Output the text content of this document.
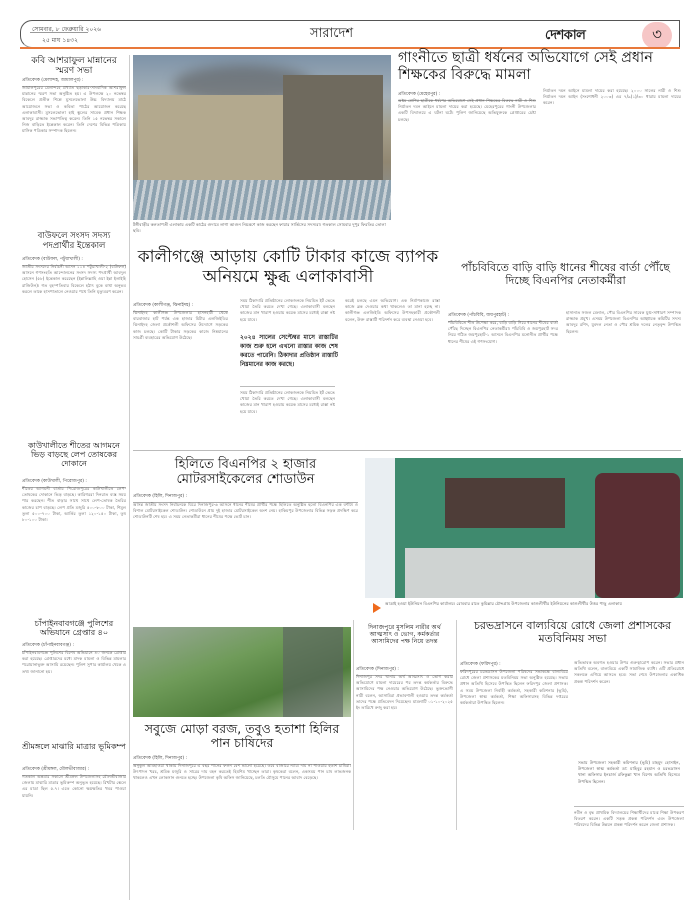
সোমবার, ৮ ফেব্রুয়ারি ২০২৬
২৫ মাঘ ১৪৩২	সারাদেশ	দেশকাল	৩
কবি আশরাফুল মান্নানের স্মরণ সভা
প্রতিবেদক (মেলান্দহ, জামালপুর) :
জামালপুরের মেলান্দহে প্রখ্যাত ছড়াকার-সাংবাদিক আশরাফুল মান্নানের স্মরণ সভা অনুষ্ঠিত হয়। এ উপলক্ষে ২০ নভেম্বর বিকেলে প্রতীক শিল্পে মুসলেভোলা উচ্চ বিদ্যালয় মাঠে আয়োজনে সভা ও কবিতা পাঠের আয়োজন করেছে এলাকাবাসী। মুসলেভোলা হাই স্কুলের সাবেক প্রধান শিক্ষক আবদুর রাজ্জাক সভাপতিত্ব করেন। তিনি ১৫ নভেম্বর সকালে নিজ বাড়িতে ইন্তেকাল করেন। তিনি দেশের বিভিন্ন পত্রিকায় মাসিক পত্রিকার সম্পাদক ছিলেন।
টঙ্গীবাড়ীর কলতাপতী এলাকায় একটি কাঠের গুদামে লাগা আগুন নিয়ন্ত্রণে কাজ করছেন ফায়ার সার্ভিসের সদস্যরা। গতকাল সোমবার দুপুর ফিরতির তোলা ছবি।
গাংনীতে ছাত্রী ধর্ষনের অভিযোগে সেই প্রধান শিক্ষকের বিরুদ্ধে মামলা
প্রতিবেদক (মেহেরপুর) :
অষ্টম শ্রেণির ছাত্রীকে ধর্ষণের অভিযোগে সেই প্রধান শিক্ষকের বিরুদ্ধে নারী ও শিশু নির্যাতন দমন আইনে মামলা দায়ের করা হয়েছে। মেহেরপুরের গাংনী উপজেলার একটি বিদ্যালয়ে এ ঘটনা ঘটে। পুলিশ জানিয়েছে অভিযুক্তকে গ্রেপ্তারের চেষ্টা চলছে।
নির্যাতন দমন আইনে মামলা দায়ের করা হয়েছে। ২০০০ সালের নারী ও শিশু নির্যাতন দমন আইন (সংশোধনী ২০০৩) এর ৭/৯(১)/৩০ ধারায় মামলা দায়ের করেন।
বাউফলে সংসদ সদস্য পদপ্রার্থীর ইন্তেকাল
প্রতিবেদক (বাউফল, পটুয়াখালী) :
জাতীয় সংসদের নির্বাচনী আসন ১১৪ পটুয়াখালী-২ (বাউফল) আসনে গণসংহতি আন্দোলনের সংসদ সদস্য পদপ্রার্থী আবদুল হোসেন (৫৮) ইন্তেকাল করেছেন (ইন্নালিল্লাহি ওয়া ইন্না ইলাইহি রাজিউন)। গত বৃহস্পতিবার বিকেলে হঠাৎ বুকে ব্যথা অনুভব করলে তাকে হাসপাতালে নেওয়ার পথে তিনি মৃত্যুবরণ করেন।
কালীগঞ্জে আড়ায় কোটি টাকার কাজে ব্যাপক অনিয়মে ক্ষুব্ধ এলাকাবাসী
প্রতিবেদক (কালীগঞ্জ, ঝিনাইদহ) :
ঝিনাইদহ কালীগঞ্জ উপজেলার হাসনহাটী থেকে বারবাজার হাট পর্যন্ত এক হাজার মিটার এলজিইডির ঝিনাইদহ জেলা প্রকৌশলী অফিসের উদ্যোগে সড়কের কাজ চলছে। কোটি টাকার সড়কের কাজে নিম্নমানের সামগ্রী ব্যবহারের অভিযোগ উঠেছে।
সময় ঠিকাদারি প্রতিষ্ঠানের লোকজনকে নিয়মিত ইট ভেঙে খোয়া তৈরি করতে দেখা গেছে। এলাকাবাসী বলছেন কাজের মান খারাপ হওয়ায় কয়েক মাসের মধ্যেই রাস্তা নষ্ট হয়ে যাবে।
২০২৪ সালের সেপ্টেম্বর মাসে রাস্তাটির কাজ শুরু হলে এখনো রাস্তার কাজ শেষ করতে পারেনি। ঠিকাদার প্রতিষ্ঠান রাস্তাটি নিম্নমানের কাজ করছে।
সময় ঠিকাদারি প্রতিষ্ঠানের লোকজনকে নিয়মিত ইট ভেঙে খোয়া তৈরি করতে দেখা গেছে। এলাকাবাসী বলছেন কাজের মান খারাপ হওয়ায় কয়েক মাসের মধ্যেই রাস্তা নষ্ট হয়ে যাবে।
করেই চলছে এমন অভিযোগ। এক নির্মাণকাজে রাস্তা কাজে ব্লক দেওয়ার কথা থাকলেও তা মানা হচ্ছে না। কালীগঞ্জ এলজিইডি অফিসের উপসহকারী প্রকৌশলী বলেন, উক্ত রাস্তাটি পরিদর্শন করে ব্যবস্থা নেওয়া হবে।
পাঁচবিবিতে বাড়ি বাড়ি ধানের শীষের বার্তা পৌঁছে দিচ্ছে বিএনপির নেতাকর্মীরা
প্রতিবেদক (পাঁচবিবি, জয়পুরহাট) :
পাঁচবিবিতে শীত উপেক্ষা করে, বাড়ি বাড়ি গিয়ে ধানের শীষের বার্তা পৌঁছে দিচ্ছেন বিএনপির নেতাকর্মীরা। পাঁচবিবি ও জয়পুরহাট সদর নিয়ে গঠিত জয়পুরহাট-১ আসনে বিএনপির মনোনীত প্রার্থীর পক্ষে ধানের শীষের এই গণসংযোগ।
হাসানাত সজল মেলাল, পৌর বিএনপির সাবেক যুগ্ম-সাধারণ সম্পাদক রাজ্জাক প্রমুখ। এসময় উপজেলা বিএনপির আহ্বায়ক কমিটির সদস্য আবদুর রশিদ, যুবদল নেতা ও পৌর শ্রমিক দলের নেতৃবৃন্দ উপস্থিত ছিলেন।
কাউখালীতে শীতের আগমনে ভিড় বাড়ছে লেপ তোষকের দোকানে
প্রতিবেদক (কাউখালী, পিরোজপুর) :
শীতের আগমনী বার্তায় পিরোজপুরের কাউখালীতে লেপ-তোষকের দোকানে ভিড় বাড়ছে। কারিগররা দিনরাত ব্যস্ত সময় পার করছেন। শীত বাড়ার সাথে সাথে লেপ-তোষক তৈরির কাজের চাপ বাড়ছে। লেপ প্রতি মজুরি ৫০০-৮০০ টাকা, শিমুল তুলা ৫০০-৭০০ টাকা, আর্তির তুলা ১২০-১৫০ টাকা, তুষ ৮০-১০০ টাকা।
হিলিতে বিএনপির ২ হাজার মোটরসাইকেলের শোডাউন
প্রতিবেদক (হিলি, দিনাজপুর) :
আসন্ন জাতীয় সংসদ নির্বাচনকে ঘিরে দিনাজপুর-৬ আসনে ধানের শীষের প্রার্থীর পক্ষে হিলিতে অনুষ্ঠিত হলো বিএনপির এক বর্ণাঢ্য ও বিশাল মোটরসাইকেল শোডাউন। শোডাউনে প্রায় দুই হাজার মোটরসাইকেল অংশ নেয়। হাকিমপুর উপজেলার বিভিন্ন সড়ক প্রদক্ষিণ করে শোডাউনটি শেষ হয়। এ সময় নেতাকর্মীরা ধানের শীষের পক্ষে ভোট চান।
আত্রাই হওয়া ইউনিয়ন বিএনপির কার্যালয়। রোববার রাতে কুমিল্লার চৌদ্দগ্রাম উপজেলার কাশুলীর্থীর ইউনিয়নের কাশুলীর্থীর উত্তর পাড়ু এলাকায়
চাঁপাইনবাবগঞ্জে পুলিশের অভিযানে গ্রেপ্তার ৪০
প্রতিবেদক (চাঁপাইনবাবগঞ্জ) :
চাঁপাইনবাবগঞ্জে পুলিশের বিশেষ অভিযানে ৪০ জনকে গ্রেপ্তার করা হয়েছে। গ্রেপ্তারদের মধ্যে মাদক মামলা ও বিভিন্ন মামলার পরোয়ানাভুক্ত আসামি রয়েছেন। পুলিশ সুপার কার্যালয় থেকে এ তথ্য জানানো হয়।
শ্রীমঙ্গলে মাঝারি মাত্রার ভূমিকম্প
প্রতিবেদক (শ্রীমঙ্গল, মৌলভীবাজার) :
গতকাল অন্তবার সকালে শ্রীমঙ্গল উপজেলাসহ মৌলভীবাজার জেলায় মাঝারি মাত্রার ভূমিকম্প অনুভূত হয়েছে। রিখটার স্কেলে এর মাত্রা ছিল ৫.৭। এতে কোনো ক্ষয়ক্ষতির খবর পাওয়া যায়নি।
সবুজে মোড়া বরজ, তবুও হতাশা হিলির পান চাষিদের
প্রতিবেদক (হিলি, দিনাজপুর) :
অনুকূল আবহাওয়া থাকায় দিনাজপুরে এ বছর পানের ফলন বেশ ভালো হয়েছে। তবে বাজারে ন্যায্য দাম না পাওয়ায় হতাশ চাষিরা। উৎপাদন খরচ, শ্রমিক মজুরি ও সারের দাম বহন করতেই হিমশিম খাচ্ছেন তারা। কৃষকেরা বলেন, একসময় পান চাষ লাভজনক থাকলেও এখন লোকসান গুনতে হচ্ছে। উপজেলা কৃষি অফিস জানিয়েছে, চলতি মৌসুমে পানের আবাদ বেড়েছে।
দিনাজপুরে মুসলিম নারীর অর্থ আত্মসাৎ ও ভোগ, কর্মকর্তার আসামিদের পক্ষ নিয়ে তদন্ত
প্রতিবেদক (দিনাজপুর) :
দিনাজপুর সদর থানায় অর্থ আত্মসাৎ ও ভোগ করার অভিযোগে মামলা দায়েরের পর তদন্ত কর্মকর্তার বিরুদ্ধে আসামিদের পক্ষ নেওয়ার অভিযোগ উঠেছে। ভুক্তভোগী নারী বলেন, আসামিরা প্রভাবশালী হওয়ায় তদন্ত কর্মকর্তা তাদের পক্ষে প্রতিবেদন দিয়েছেন। মামলাটি ০১-১০-২০২৫ ইং তারিখে রুজু করা হয়।
চরভদ্রাসনে বাল্যবিয়ে রোধে জেলা প্রশাসকের মতবিনিময় সভা
প্রতিবেদক (ফরিদপুর) :
ফরিদপুরের চরভদ্রাসন উপজেলা পরিষদের সভাকক্ষে বাল্যবিয়ে রোধে জেলা প্রশাসকের মতবিনিময় সভা অনুষ্ঠিত হয়েছে। সভায় প্রধান অতিথি হিসেবে উপস্থিত ছিলেন ফরিদপুর জেলা প্রশাসক। এ সময় উপজেলা নির্বাহী কর্মকর্তা, সহকারী কমিশনার (ভূমি), উপজেলা স্বাস্থ্য কর্মকর্তা, শিক্ষা অফিসারসহ বিভিন্ন দপ্তরের কর্মকর্তারা উপস্থিত ছিলেন।
অভিভাবক অবগত হওয়ার উপর গুরুত্বারোপ করেন। সভার প্রধান অতিথি বলেন, বাল্যবিয়ে একটি সামাজিক ব্যাধি। এটি প্রতিরোধে সকলকে এগিয়ে আসতে হবে। সভা শেষে উপজেলার একাধিক প্রকল্প পরিদর্শন করেন।
সভায় উপজেলা সহকারী কমিশনার (ভূমি) মাহমুদ হোসাইন, উপজেলা স্বাস্থ্য কর্মকর্তা ডা: মাহিবুর রহমান ও চরভদ্রাসন থানা অফিসার ইনচার্জ রফিকুল্লা খান বিশেষ অতিথি হিসেবে উপস্থিত ছিলেন।
নবীন ও বৃদ্ধ প্রাথমিক বিদ্যালয়ের শিক্ষার্থীদের মাঝে শিক্ষা উপকরণ বিতরণ করেন। একটি সড়ক প্রকল্প পরিদর্শন এবং উপজেলা পরিষদের বিভিন্ন উন্নয়ন প্রকল্প পরিদর্শন করেন জেলা প্রশাসক।
